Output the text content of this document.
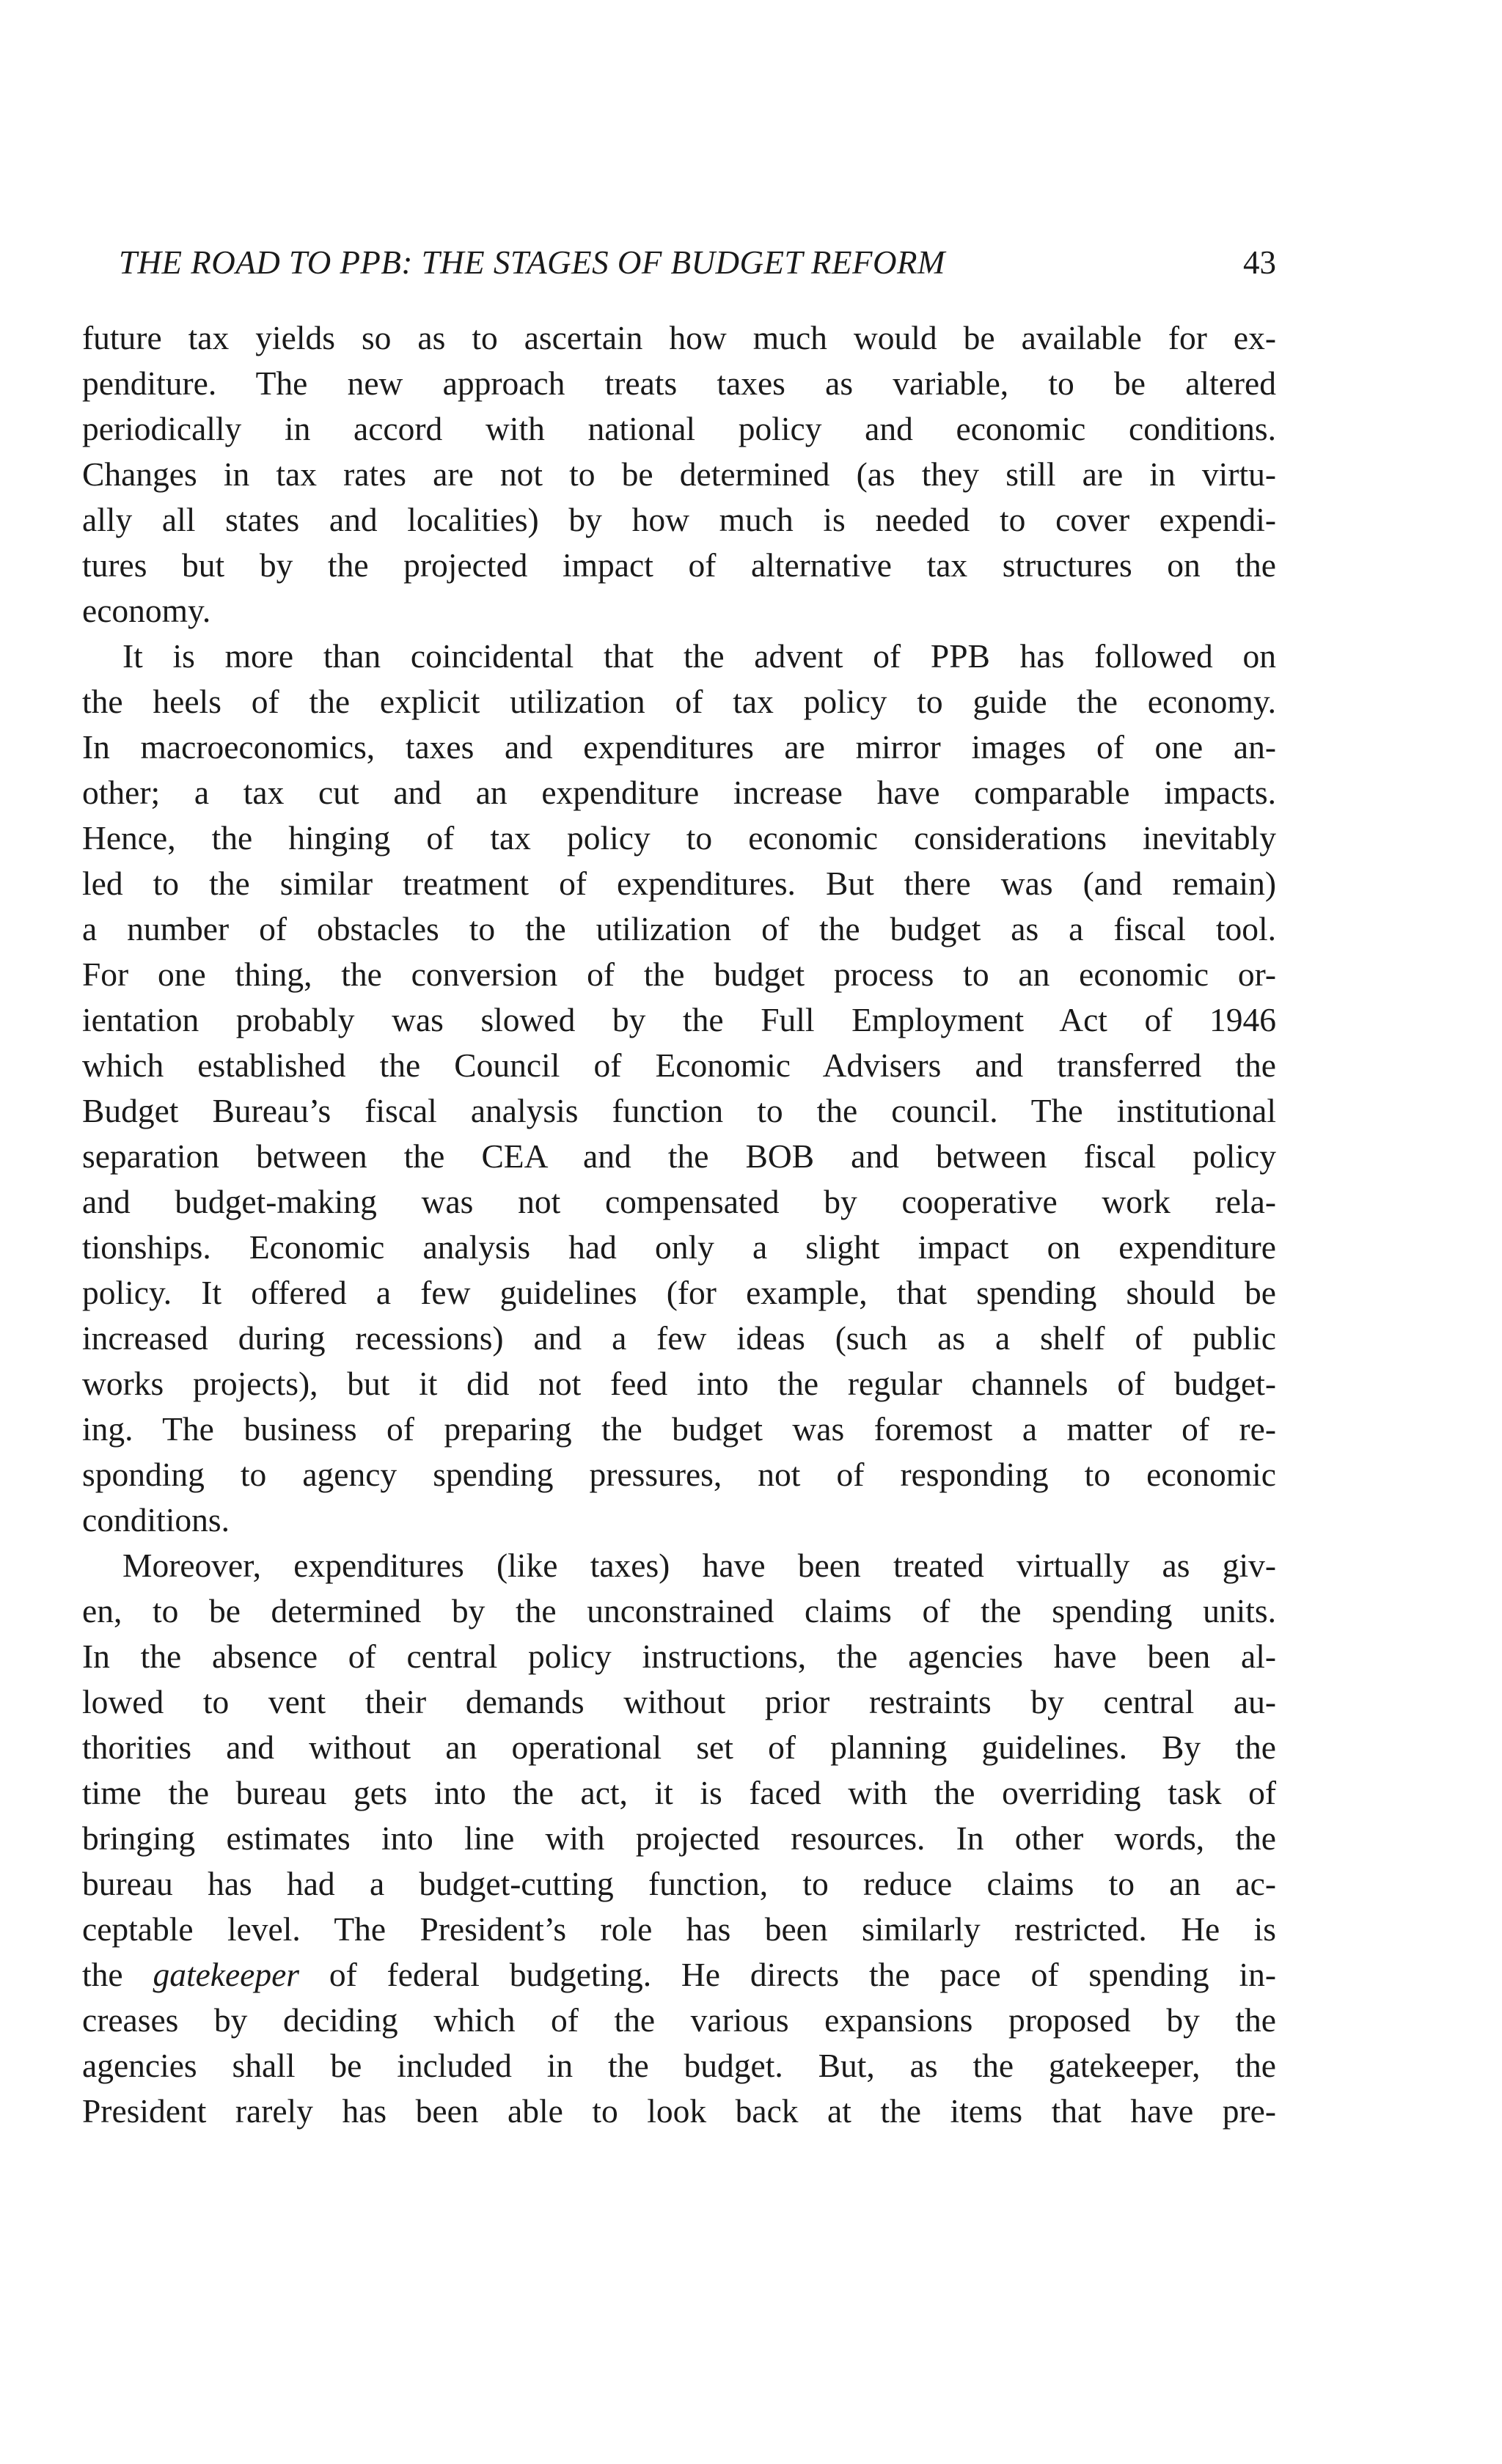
THE ROAD TO PPB: THE STAGES OF BUDGET REFORM	43
future tax yields so as to ascertain how much would be available for ex-
penditure. The new approach treats taxes as variable, to be altered
periodically in accord with national policy and economic conditions.
Changes in tax rates are not to be determined (as they still are in virtu-
ally all states and localities) by how much is needed to cover expendi-
tures but by the projected impact of alternative tax structures on the
economy.
It is more than coincidental that the advent of PPB has followed on
the heels of the explicit utilization of tax policy to guide the economy.
In macroeconomics, taxes and expenditures are mirror images of one an-
other; a tax cut and an expenditure increase have comparable impacts.
Hence, the hinging of tax policy to economic considerations inevitably
led to the similar treatment of expenditures. But there was (and remain)
a number of obstacles to the utilization of the budget as a fiscal tool.
For one thing, the conversion of the budget process to an economic or-
ientation probably was slowed by the Full Employment Act of 1946
which established the Council of Economic Advisers and transferred the
Budget Bureau’s fiscal analysis function to the council. The institutional
separation between the CEA and the BOB and between fiscal policy
and budget-making was not compensated by cooperative work rela-
tionships. Economic analysis had only a slight impact on expenditure
policy. It offered a few guidelines (for example, that spending should be
increased during recessions) and a few ideas (such as a shelf of public
works projects), but it did not feed into the regular channels of budget-
ing. The business of preparing the budget was foremost a matter of re-
sponding to agency spending pressures, not of responding to economic
conditions.
Moreover, expenditures (like taxes) have been treated virtually as giv-
en, to be determined by the unconstrained claims of the spending units.
In the absence of central policy instructions, the agencies have been al-
lowed to vent their demands without prior restraints by central au-
thorities and without an operational set of planning guidelines. By the
time the bureau gets into the act, it is faced with the overriding task of
bringing estimates into line with projected resources. In other words, the
bureau has had a budget-cutting function, to reduce claims to an ac-
ceptable level. The President’s role has been similarly restricted. He is
the gatekeeper of federal budgeting. He directs the pace of spending in-
creases by deciding which of the various expansions proposed by the
agencies shall be included in the budget. But, as the gatekeeper, the
President rarely has been able to look back at the items that have pre-
